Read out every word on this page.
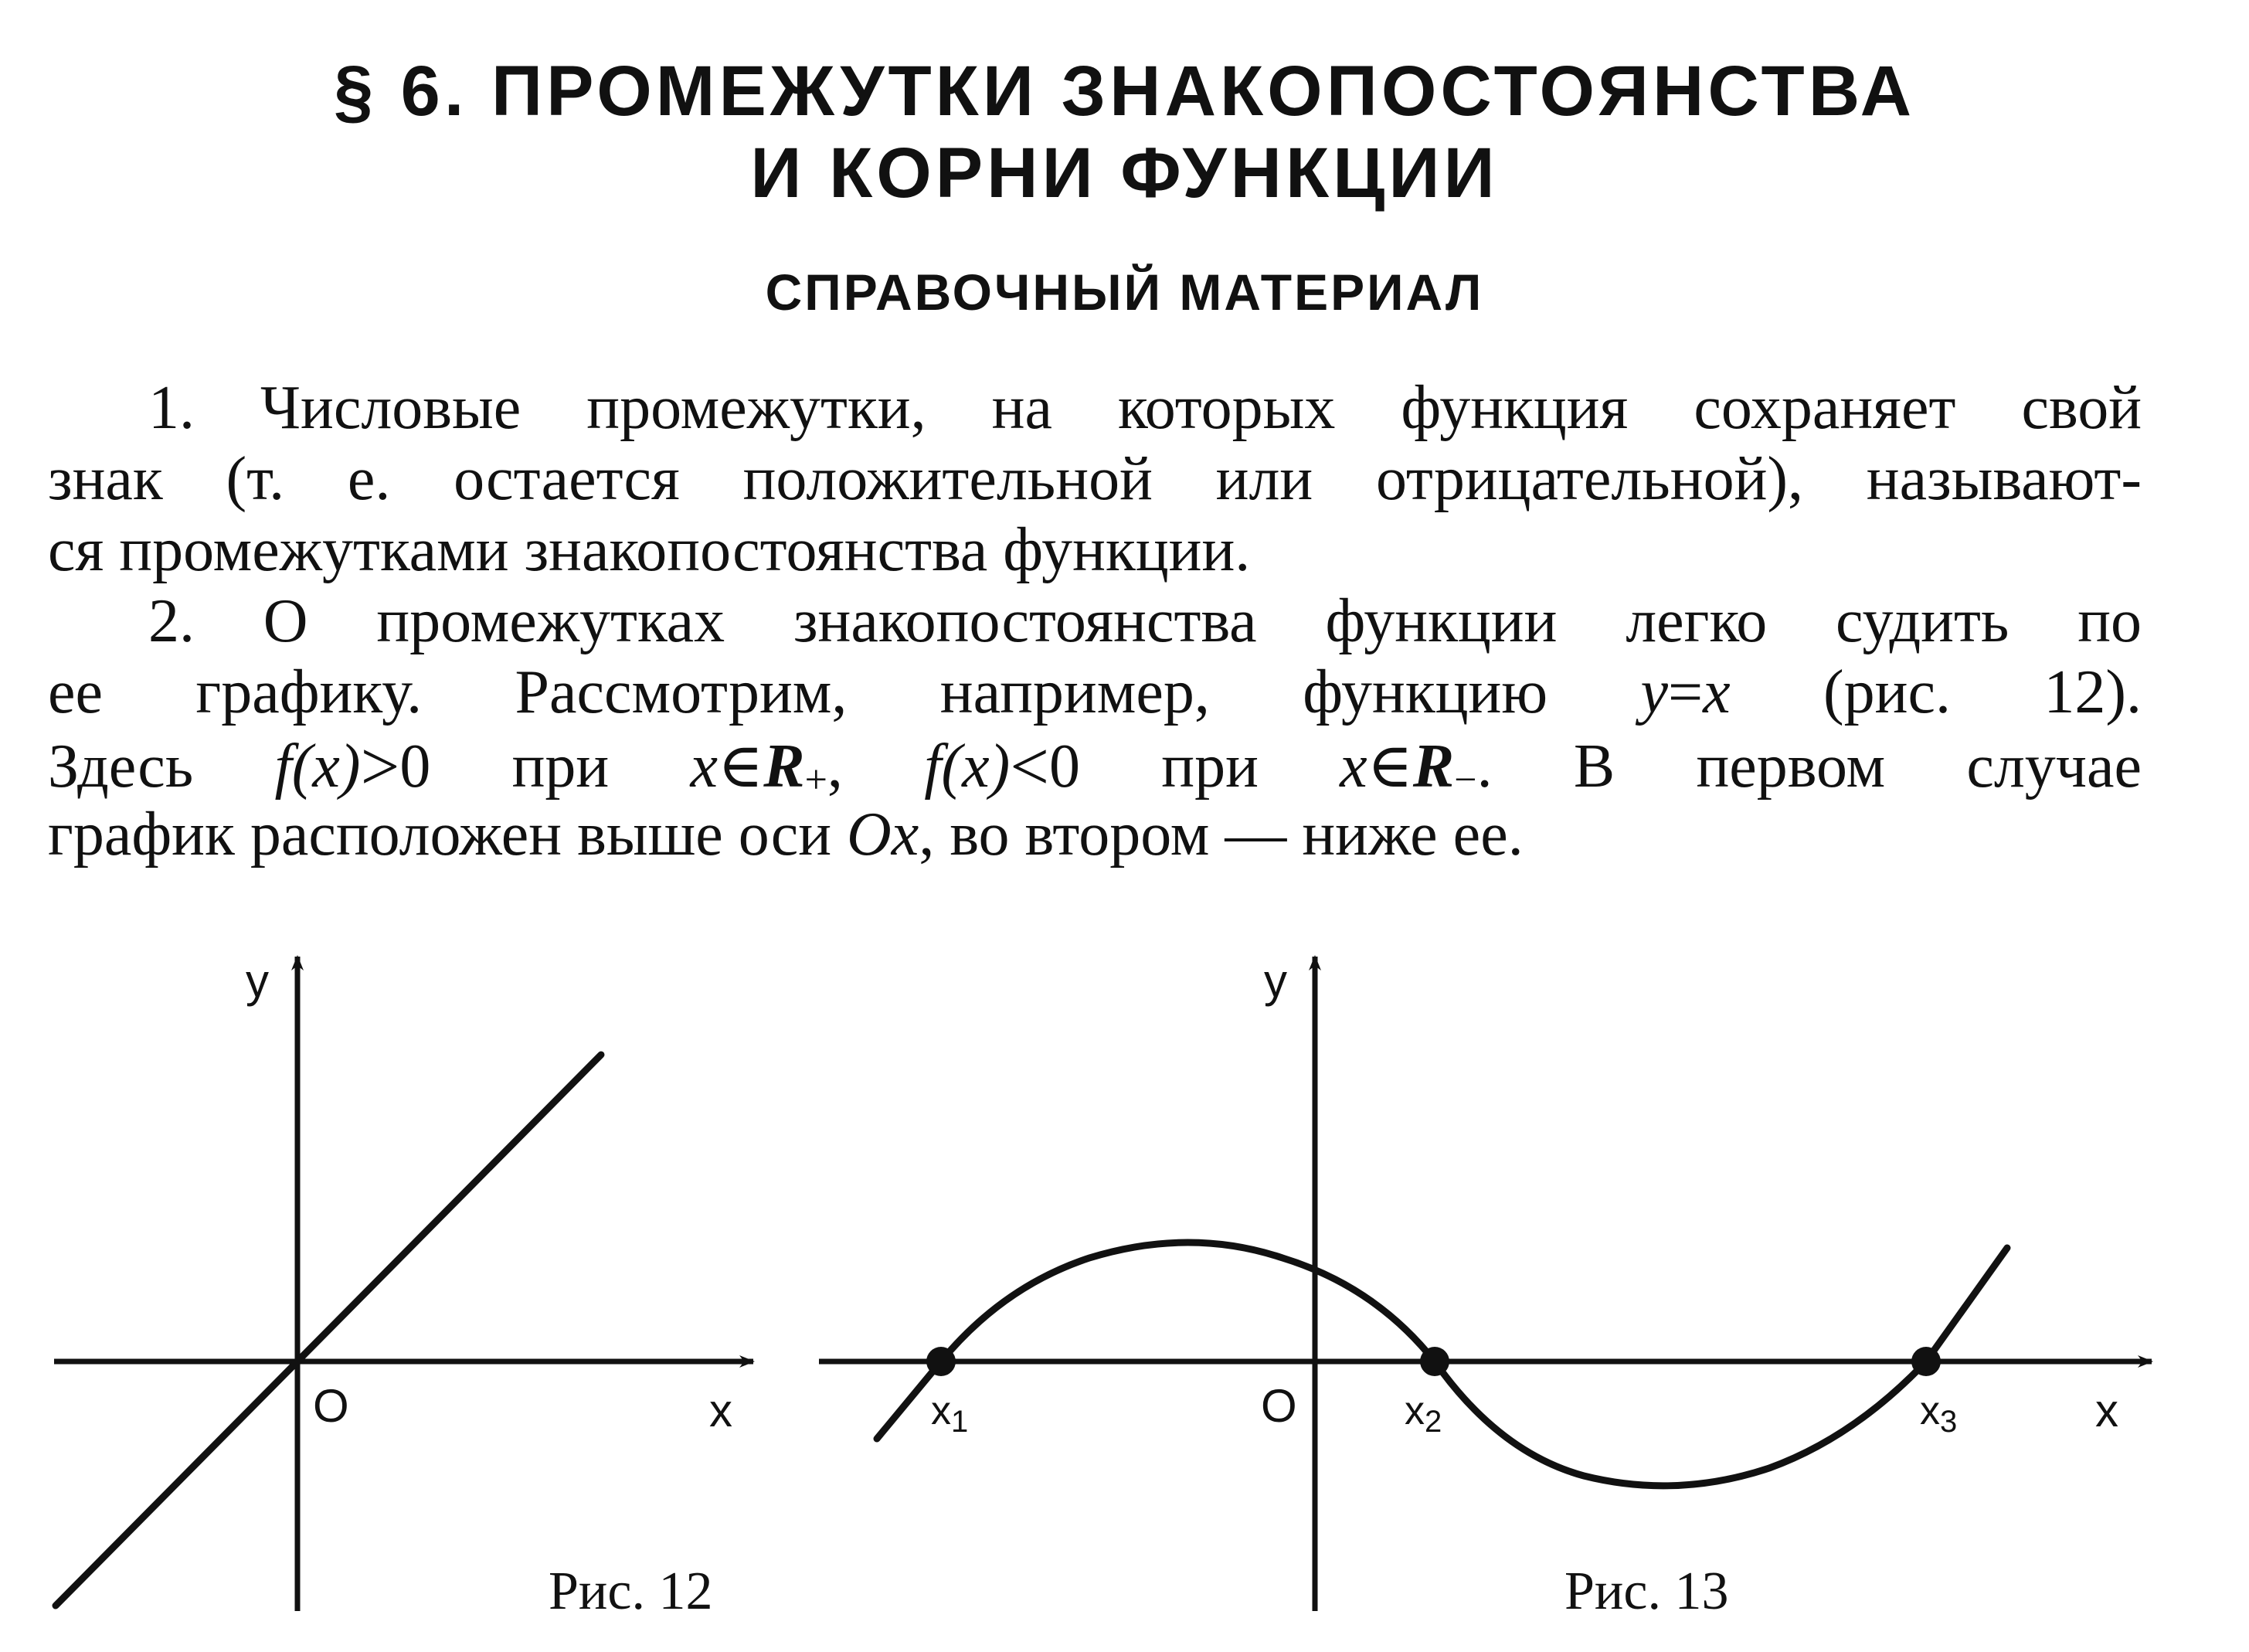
§ 6. ПРОМЕЖУТКИ ЗНАКОПОСТОЯНСТВА
И КОРНИ ФУНКЦИИ
СПРАВОЧНЫЙ МАТЕРИАЛ
1. Числовые промежутки, на которых функция сохраняет свой
знак (т. е. остается положительной или отрицательной), называют-
ся промежутками знакопостоянства функции.
2. О промежутках знакопостоянства функции легко судить по
ее графику. Рассмотрим, например, функцию y=x (рис. 12).
Здесь f(x)>0 при $x\in R_+$, f(x)<0 при $x\in R_-$. В первом случае
график расположен выше оси Ox, во втором — ниже ее.
y
x
O
Рис. 12
y
x
O
$x_1$	$x_2$	$x_3$
Рис. 13
